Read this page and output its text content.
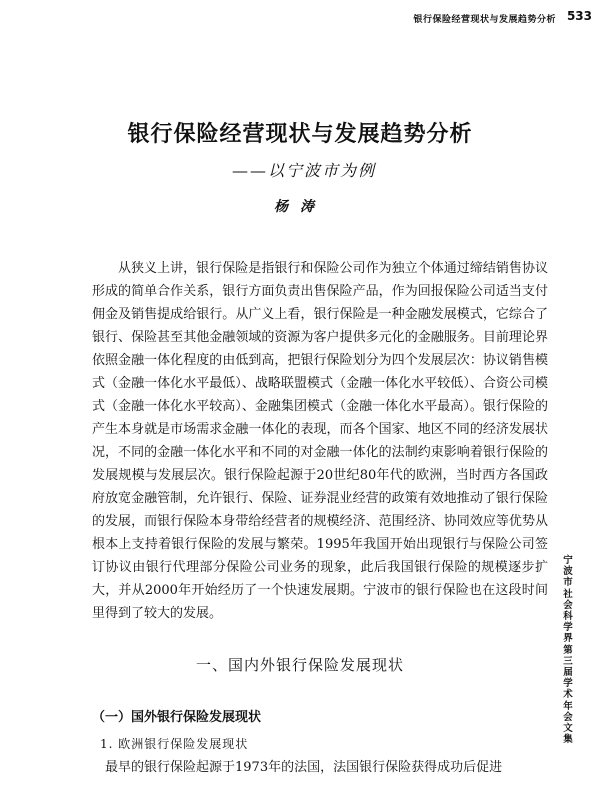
银行保险经营现状与发展趋势分析 533
银行保险经营现状与发展趋势分析
——以宁波市为例
杨涛

从狭义上讲，银行保险是指银行和保险公司作为独立个体通过缔结销售协议形成的简单合作关系，银行方面负责出售保险产品，作为回报保险公司适当支付佣金及销售提成给银行。从广义上看，银行保险是一种金融发展模式，它综合了银行、保险甚至其他金融领域的资源为客户提供多元化的金融服务。目前理论界依照金融一体化程度的由低到高，把银行保险划分为四个发展层次：协议销售模式（金融一体化水平最低）、战略联盟模式（金融一体化水平较低）、合资公司模式（金融一体化水平较高）、金融集团模式（金融一体化水平最高）。银行保险的产生本身就是市场需求金融一体化的表现，而各个国家、地区不同的经济发展状况，不同的金融一体化水平和不同的对金融一体化的法制约束影响着银行保险的发展规模与发展层次。银行保险起源于20世纪80年代的欧洲，当时西方各国政府放宽金融管制，允许银行、保险、证券混业经营的政策有效地推动了银行保险的发展，而银行保险本身带给经营者的规模经济、范围经济、协同效应等优势从根本上支持着银行保险的发展与繁荣。1995年我国开始出现银行与保险公司签订协议由银行代理部分保险公司业务的现象，此后我国银行保险的规模逐步扩大，并从2000年开始经历了一个快速发展期。宁波市的银行保险也在这段时间里得到了较大的发展。

一、国内外银行保险发展现状
（一）国外银行保险发展现状
1. 欧洲银行保险发展现状

最早的银行保险起源于1973年的法国，法国银行保险获得成功后促进

宁波市社会科学界第三届学术年会文集
